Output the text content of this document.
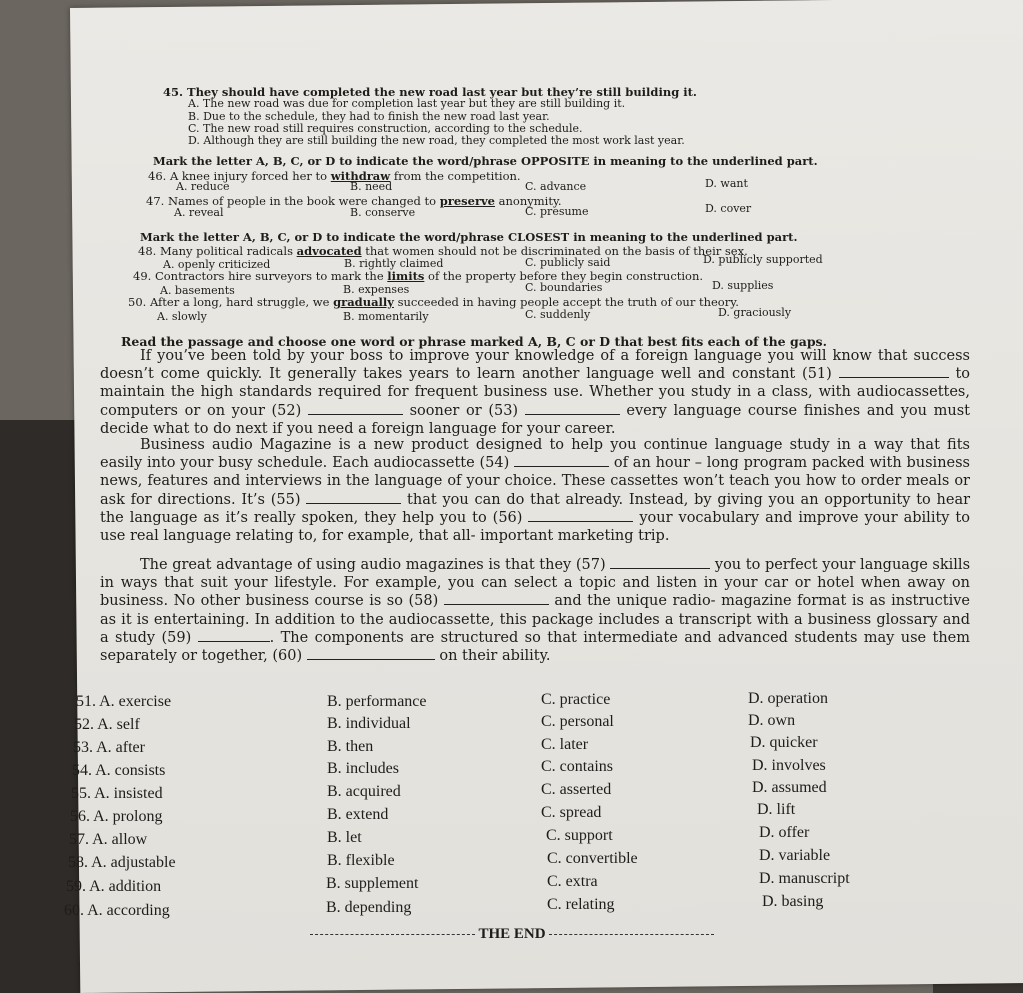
45. They should have completed the new road last year but they’re still building it.
A. The new road was due for completion last year but they are still building it.
B. Due to the schedule, they had to finish the new road last year.
C. The new road still requires construction, according to the schedule.
D. Although they are still building the new road, they completed the most work last year.
Mark the letter A, B, C, or D to indicate the word/phrase OPPOSITE in meaning to the underlined part.
46. A knee injury forced her to withdraw from the competition.
A. reduce	B. need	C. advance	D. want
47. Names of people in the book were changed to preserve anonymity.
A. reveal	B. conserve	C. presume	D. cover
Mark the letter A, B, C, or D to indicate the word/phrase CLOSEST in meaning to the underlined part.
48. Many political radicals advocated that women should not be discriminated on the basis of their sex.
A. openly criticized	B. rightly claimed	C. publicly said	D. publicly supported
49. Contractors hire surveyors to mark the limits of the property before they begin construction.
A. basements	B. expenses	C. boundaries	D. supplies
50. After a long, hard struggle, we gradually succeeded in having people accept the truth of our theory.
A. slowly	B. momentarily	C. suddenly	D. graciously
Read the passage and choose one word or phrase marked A, B, C or D that best fits each of the gaps.

If you’ve been told by your boss to improve your knowledge of a foreign language you will know that success doesn’t come quickly. It generally takes years to learn another language well and constant (51)	to maintain the high standards required for frequent business use. Whether you study in a class, with audiocassettes, computers or on your (52)	sooner or (53)	every language course finishes and you must decide what to do next if you need a foreign language for your career.

Business audio Magazine is a new product designed to help you continue language study in a way that fits easily into your busy schedule. Each audiocassette (54)	of an hour – long program packed with business news, features and interviews in the language of your choice. These cassettes won’t teach you how to order meals or ask for directions. It’s (55)	that you can do that already. Instead, by giving you an opportunity to hear the language as it’s really spoken, they help you to (56)	your vocabulary and improve your ability to use real language relating to, for example, that all- important marketing trip.

The great advantage of using audio magazines is that they (57)	you to perfect your language skills in ways that suit your lifestyle. For example, you can select a topic and listen in your car or hotel when away on business. No other business course is so (58)	and the unique radio- magazine format is as instructive as it is entertaining. In addition to the audiocassette, this package includes a transcript with a business glossary and a study (59)	. The components are structured so that intermediate and advanced students may use them separately or together, (60)	on their ability.

51. A. exercise	B. performance	C. practice	D. operation
52. A. self	B. individual	C. personal	D. own
53. A. after	B. then	C. later	D. quicker
54. A. consists	B. includes	C. contains	D. involves
55. A. insisted	B. acquired	C. asserted	D. assumed
56. A. prolong	B. extend	C. spread	D. lift
57. A. allow	B. let	C. support	D. offer
58. A. adjustable	B. flexible	C. convertible	D. variable
59. A. addition	B. supplement	C. extra	D. manuscript
60. A. according	B. depending	C. relating	D. basing
THE END
